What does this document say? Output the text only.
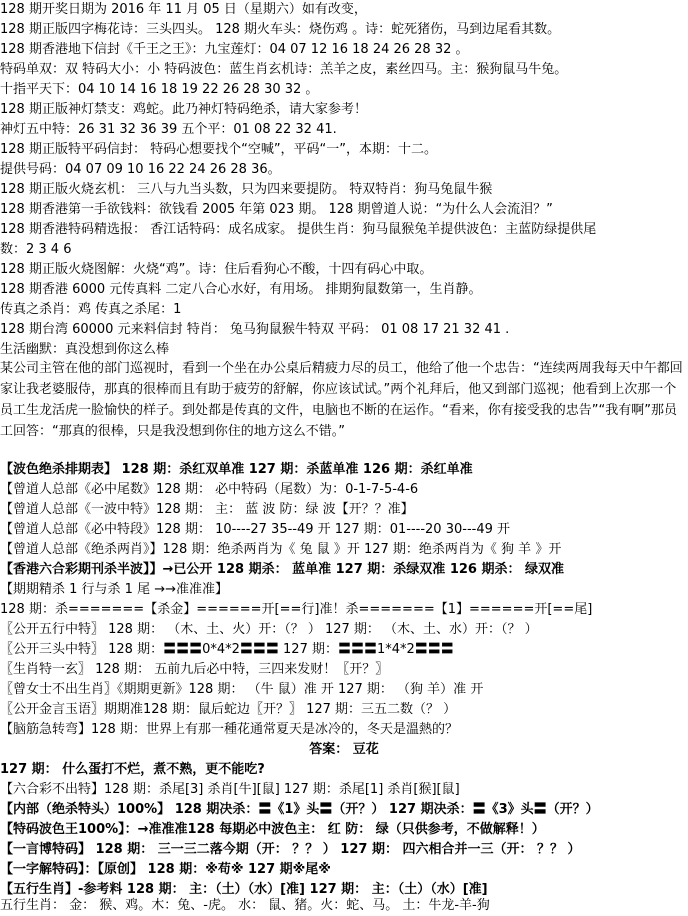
128 期开奖日期为 2016 年 11 月 05 日（星期六）如有改变，
128 期正版四字梅花诗：三头四头。 128 期火车头：烧伤鸡 。诗：蛇死猪伤，马到边尾看其数。
128 期香港地下信封《千王之王》：九宝莲灯：04 07 12 16 18 24 26 28 32 。
特码单双：双 特码大小：小 特码波色：蓝生肖玄机诗：羔羊之皮，素丝四马。主：猴狗鼠马牛兔。
十指平天下：04 10 14 16 18 19 22 26 28 30 32 。
128 期正版神灯禁支：鸡蛇。此乃神灯特码绝杀，请大家参考！
神灯五中特：26 31 32 36 39 五个平：01 08 22 32 41.
128 期正版特平码信封： 特码心想要找个“空喊”，平码“一”，本期：十二。
提供号码：04 07 09 10 16 22 24 26 28 36。
128 期正版火烧玄机： 三八与九当头数，只为四来要提防。 特双特肖：狗马兔鼠牛猴
128 期香港第一手欲钱料：欲钱看 2005 年第 023 期。 128 期曾道人说：“为什么人会流泪？”
128 期香港特码精选报： 香江话特码：成名成家。 提供生肖：狗马鼠猴兔羊提供波色：主蓝防绿提供尾
数：2 3 4 6
128 期正版火烧图解：火烧“鸡”。诗：住后看狗心不酸，十四有码心中取。
128 期香港 6000 元传真料 二定八合心水好，有用场。 排期狗鼠数第一，生肖静。
传真之杀肖：鸡 传真之杀尾：1
128 期台湾 60000 元来料信封 特肖： 兔马狗鼠猴牛特双 平码： 01 08 17 21 32 41 .
生活幽默：真没想到你这么棒
某公司主管在他的部门巡视时，看到一个坐在办公桌后精疲力尽的员工，他给了他一个忠告：“连续两周我每天中午都回家让我老婆服侍，那真的很棒而且有助于疲劳的舒解，你应该试试。”两个礼拜后，他又到部门巡视；他看到上次那一个员工生龙活虎一脸愉快的样子。到处都是传真的文件，电脑也不断的在运作。“看来，你有接受我的忠告”“我有啊”那员工回答：“那真的很棒，只是我没想到你住的地方这么不错。”
【波色绝杀排期表】 128 期：杀红双单准 127 期：杀蓝单准 126 期：杀红单准
【曾道人总部《必中尾数》128 期： 必中特码（尾数）为：0-1-7-5-4-6
【曾道人总部《一波中特》128 期： 主： 蓝 波 防：绿 波【开？？准】
【曾道人总部《必中特段》128 期： 10----27 35--49 开 127 期：01----20 30---49 开
【曾道人总部《绝杀两肖》】128 期：绝杀两肖为《 兔 鼠 》开 127 期：绝杀两肖为《 狗 羊 》开
【香港六合彩期刊杀半波】】→已公开 128 期杀： 蓝单准 127 期：杀绿双准 126 期杀： 绿双准
【期期精杀 1 行与杀 1 尾 →→准准准】
128 期：杀=======【杀金】======开[==行]准！杀=======【1】======开[==尾]
〖公开五行中特〗 128 期： （木、土、火）开：（？ ） 127 期： （木、土、水）开：（？ ）
〖公开三头中特〗 128 期：〓〓〓0*4*2〓〓〓 127 期：〓〓〓1*4*2〓〓〓
〖生肖特一玄〗 128 期： 五前九后必中特，三四来发财！〖开？〗
〖曾女士不出生肖〗《期期更新》128 期： （牛 鼠）准 开 127 期： （狗 羊）准 开
〖公开金言玉语〗期期准128 期：鼠后蛇边〖开？〗 127 期：三五二数（？ ）
【脑筋急转弯】128 期：世界上有那一種花通常夏天是冰冷的，冬天是溫熱的？
答案： 豆花
127 期： 什么蛋打不烂，煮不熟，更不能吃?
【六合彩不出特】128 期：杀尾[3] 杀肖[牛][鼠] 127 期：杀尾[1] 杀肖[猴][鼠]
【内部（绝杀特头）100%】 128 期决杀：〓《1》头〓（开？） 127 期决杀：〓《3》头〓（开？）
【特码波色王100%】：→准准准128 每期必中波色主： 红 防： 绿（只供参考，不做解释！）
【一言博特码】 128 期： 三一三二落今期（开： ？？ ） 127 期： 四六相合并一三（开： ？？ ）
【一字解特码】：【原创】 128 期：※苟※ 127 期※尾※
【五行生肖】-参考料 128 期： 主：（土）（水）[准] 127 期： 主：（土）（水）[准]
五行生肖： 金： 猴、鸡。木：兔、-虎。 水： 鼠、猪。火：蛇、马。 土：牛龙-羊-狗
